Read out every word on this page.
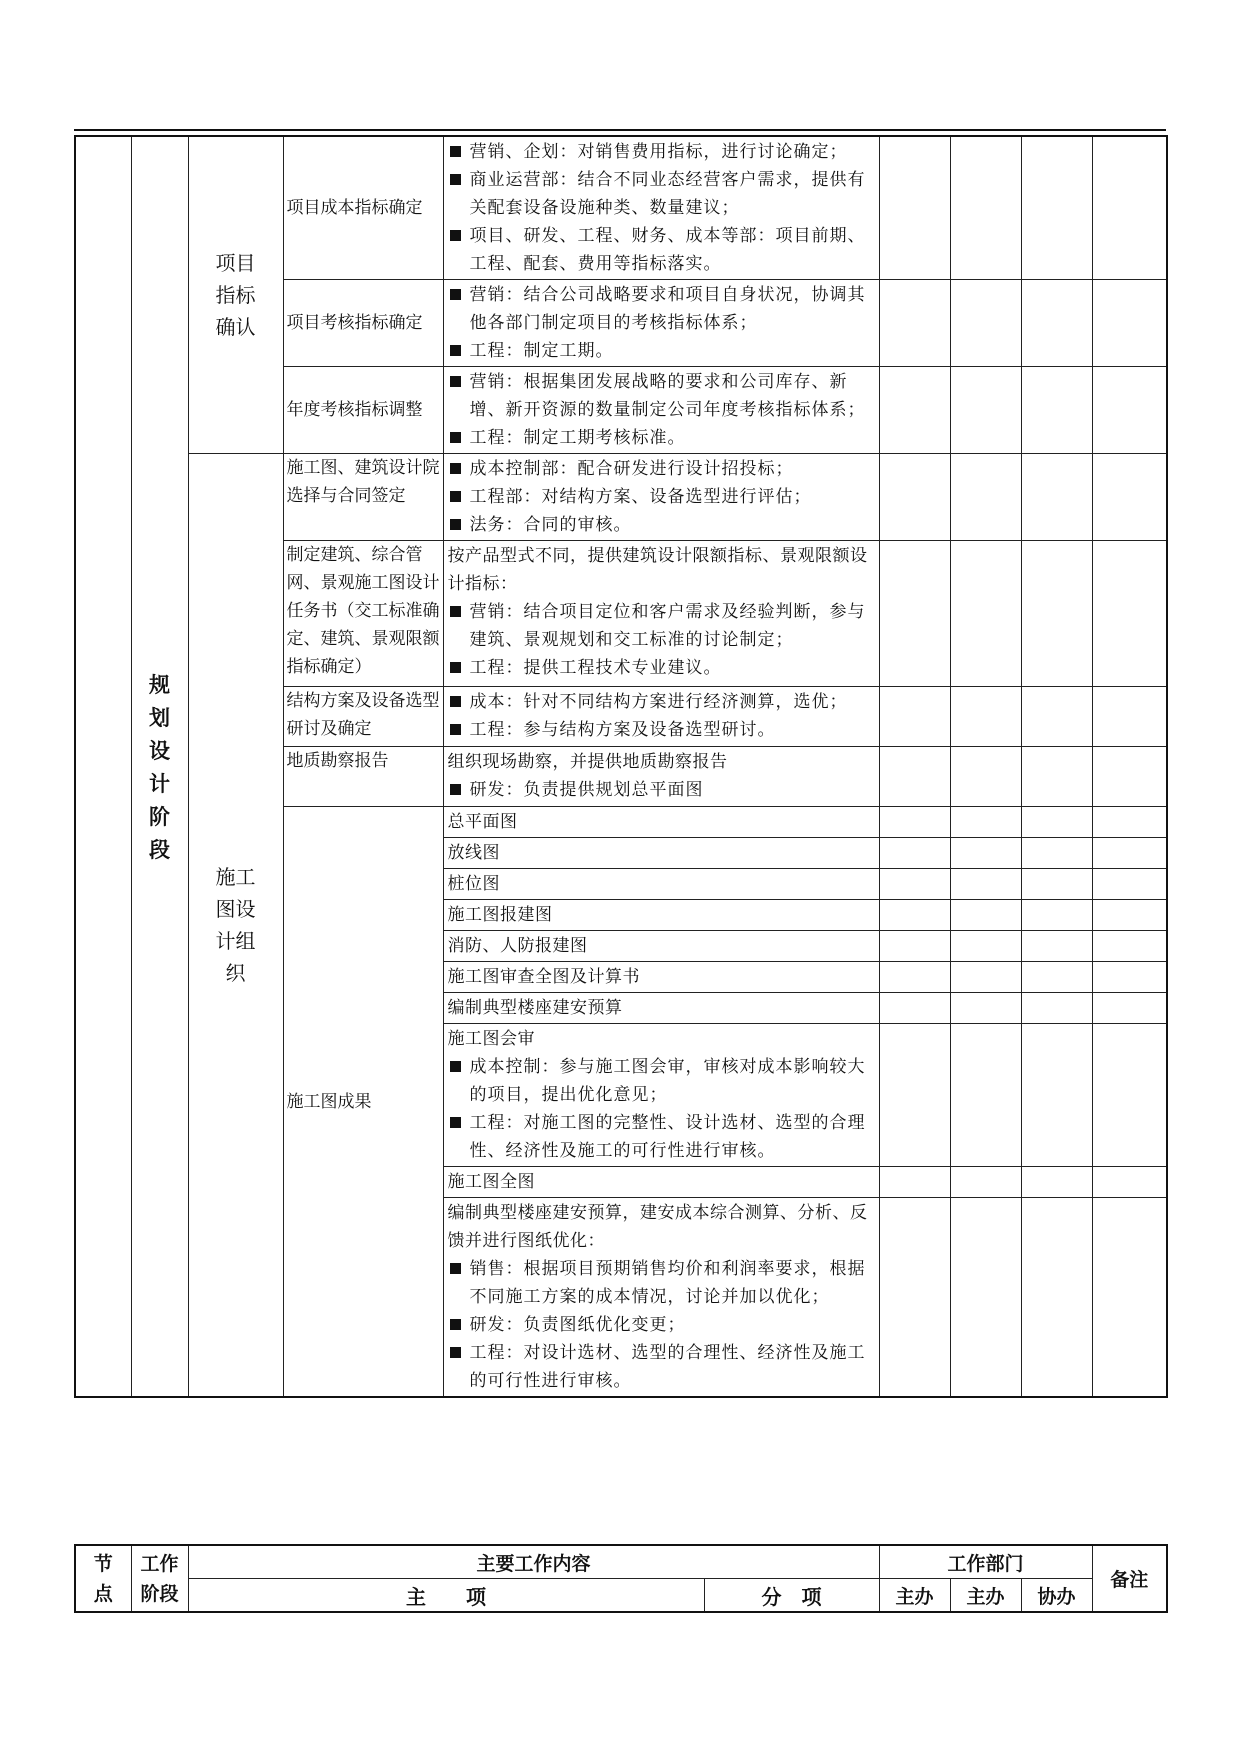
	规划设计阶段	项目指标确认	项目成本指标确定	营销、企划：对销售费用指标，进行讨论确定；
商业运营部：结合不同业态经营客户需求，提供有关配套设备设施种类、数量建议；
项目、研发、工程、财务、成本等部：项目前期、工程、配套、费用等指标落实。				

			项目考核指标确定	营销：结合公司战略要求和项目自身状况，协调其他各部门制定项目的考核指标体系；
工程：制定工期。				

			年度考核指标调整	营销：根据集团发展战略的要求和公司库存、新增、新开资源的数量制定公司年度考核指标体系；
工程：制定工期考核标准。				

		施工图设计组织	施工图、建筑设计院选择与合同签定	成本控制部：配合研发进行设计招投标；
工程部：对结构方案、设备选型进行评估；
法务：合同的审核。				

			制定建筑、综合管网、景观施工图设计任务书（交工标准确定、建筑、景观限额指标确定）	按产品型式不同，提供建筑设计限额指标、景观限额设计指标：
营销：结合项目定位和客户需求及经验判断，参与建筑、景观规划和交工标准的讨论制定；
工程：提供工程技术专业建议。				

			结构方案及设备选型研讨及确定	成本：针对不同结构方案进行经济测算，选优；
工程：参与结构方案及设备选型研讨。				

			地质勘察报告	组织现场勘察，并提供地质勘察报告
研发：负责提供规划总平面图				

			施工图成果	总平面图				

				放线图				

				桩位图				

				施工图报建图				

				消防、人防报建图				

				施工图审查全图及计算书				

				编制典型楼座建安预算				

				施工图会审
成本控制：参与施工图会审，审核对成本影响较大的项目，提出优化意见；
工程：对施工图的完整性、设计选材、选型的合理性、经济性及施工的可行性进行审核。				

				施工图全图				

				编制典型楼座建安预算，建安成本综合测算、分析、反馈并进行图纸优化：
销售：根据项目预期销售均价和利润率要求，根据不同施工方案的成本情况，讨论并加以优化；
研发：负责图纸优化变更；
工程：对设计选材、选型的合理性、经济性及施工的可行性进行审核。				

节点	工作阶段	主要工作内容		工作部门			备注
		主　　项	分　项	主办	主办	协办	
